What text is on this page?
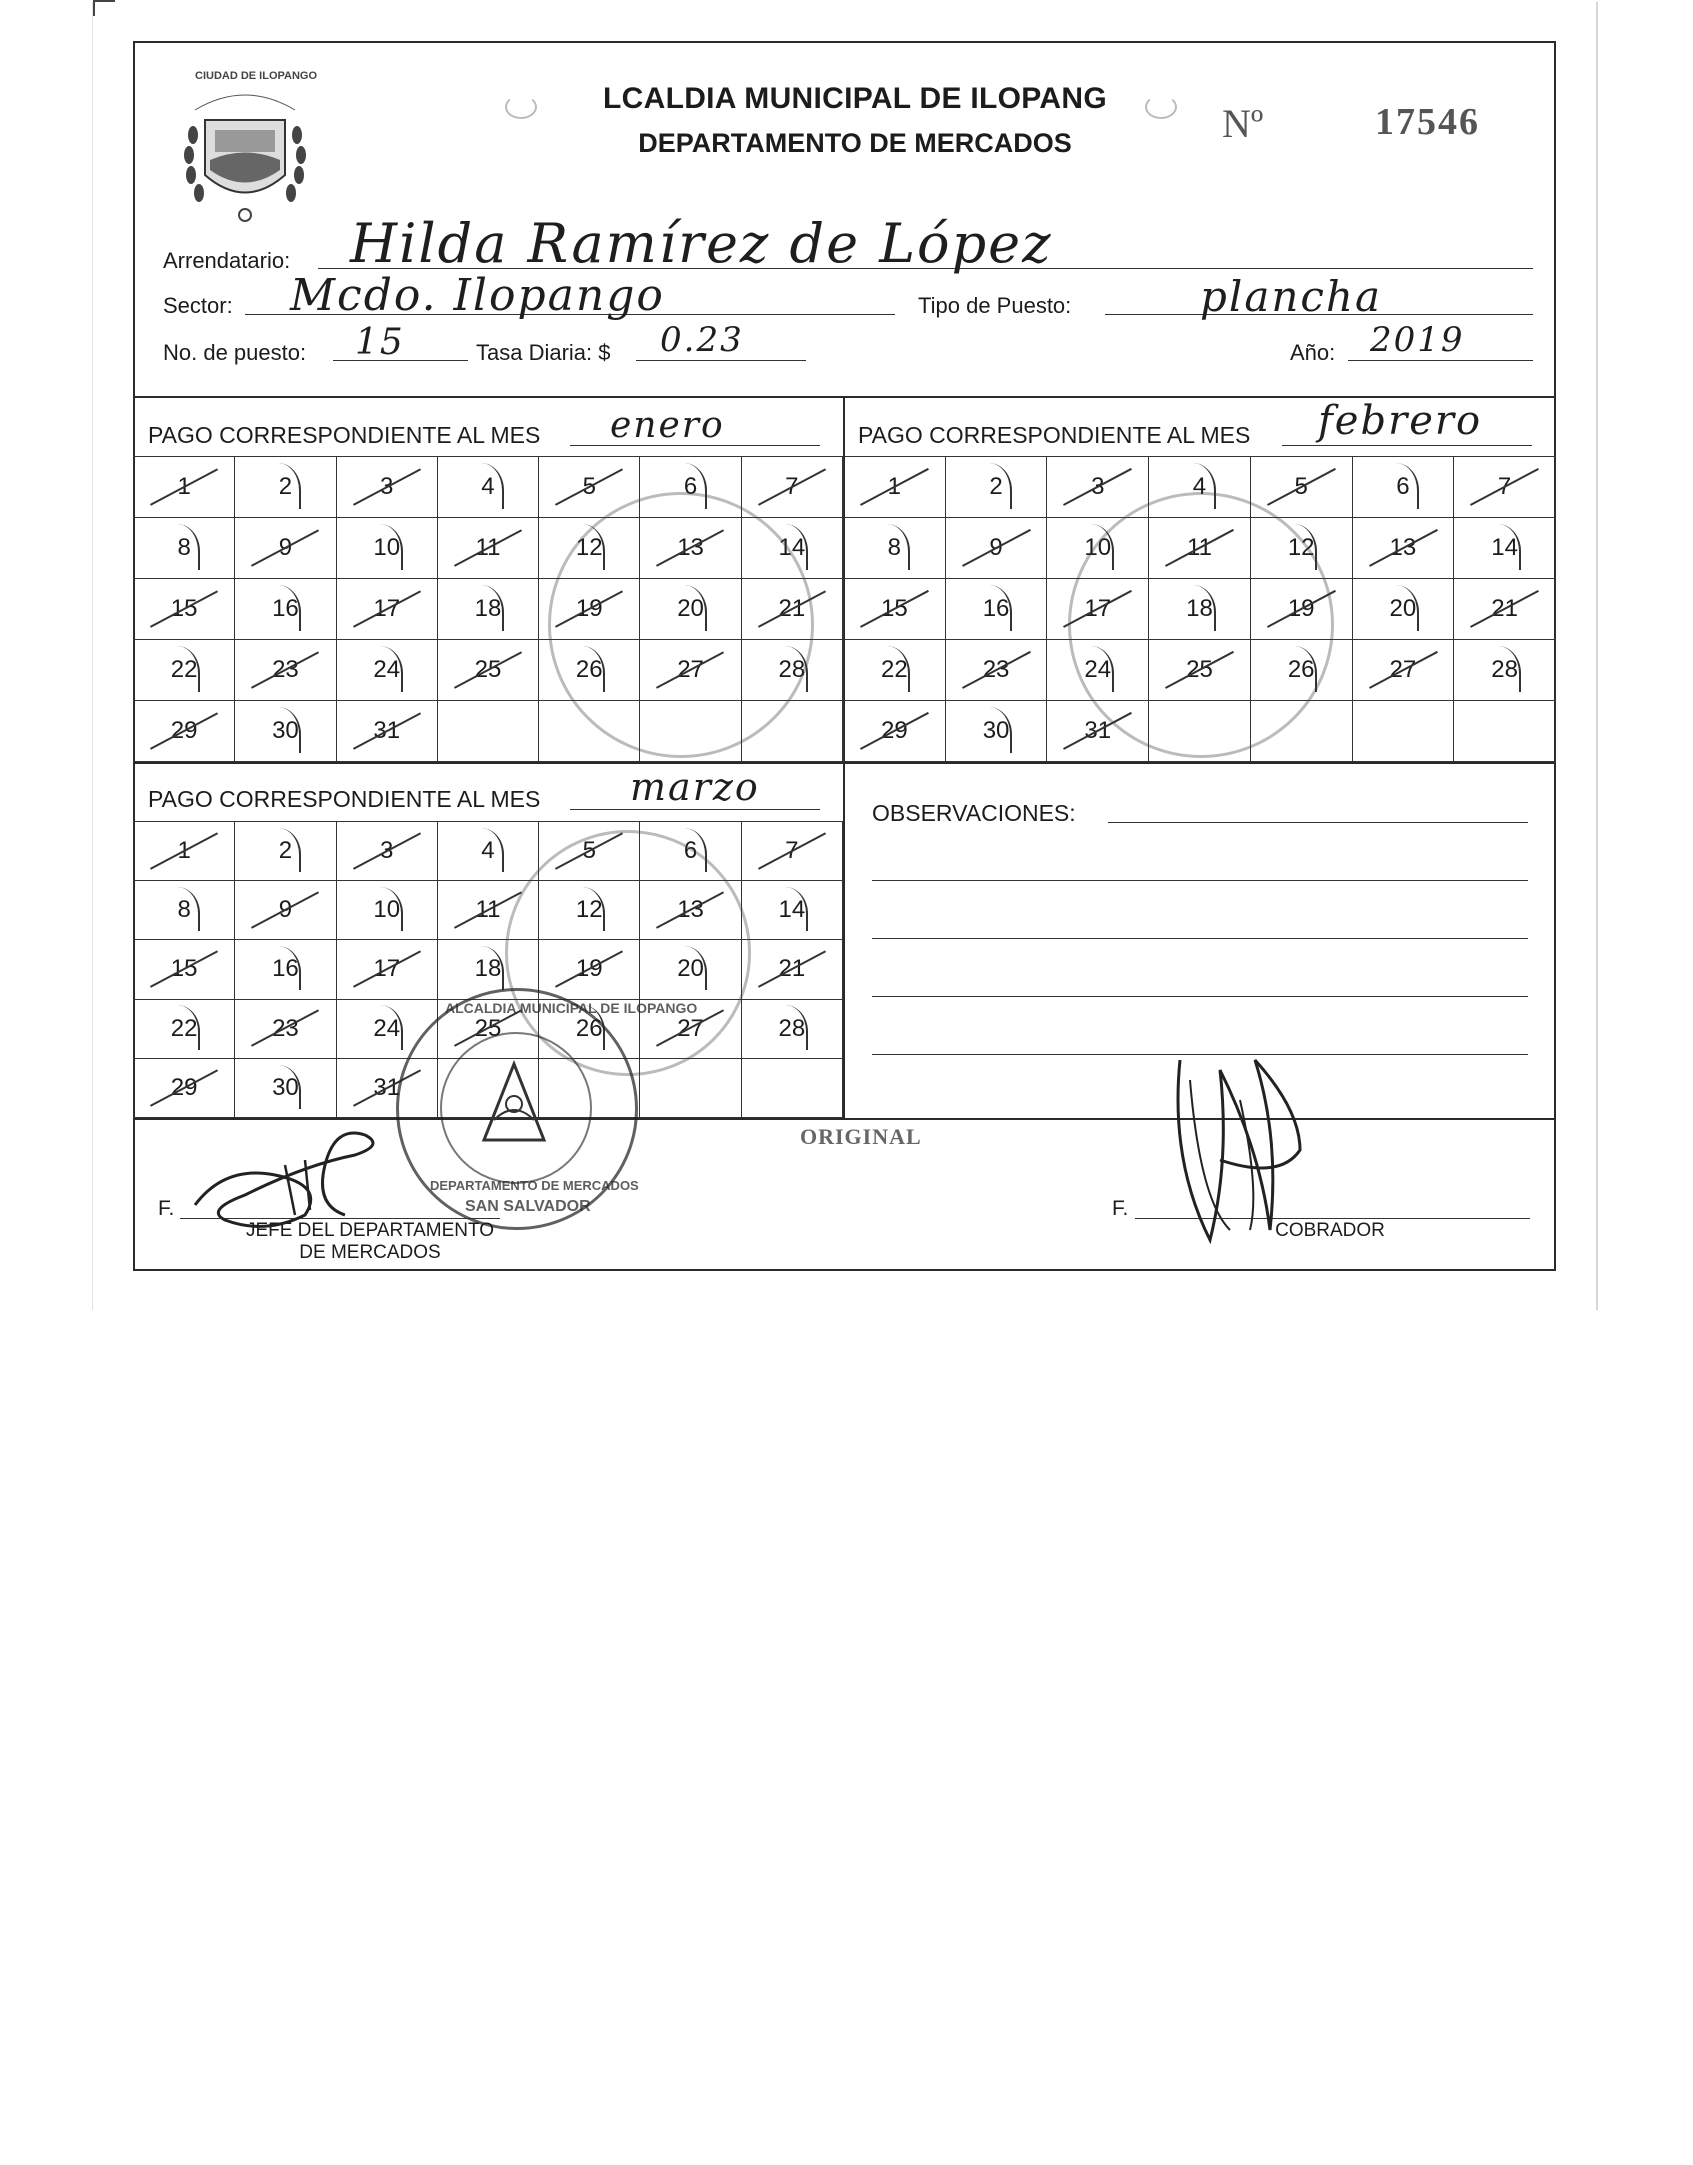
CIUDAD DE ILOPANGO
LCALDIA MUNICIPAL DE ILOPANG
DEPARTAMENTO DE MERCADOS	Nº	17546
Arrendatario: Hilda Ramírez de López
Sector: Mcdo. Ilopango	Tipo de Puesto:	plancha
No. de puesto: 15	Tasa Diaria: $ 0.23	Año: 2019
PAGO CORRESPONDIENTE AL MES enero
1	2	3	4	5	6	7

8	9	10	11	12	13	14

15	16	17	18	19	20	21

22	23	24	25	26	27	28

29	30	31

PAGO CORRESPONDIENTE AL MES febrero
1	2	3	4	5	6	7

8	9	10	11	12	13	14

15	16	17	18	19	20	21

22	23	24	25	26	27	28

29	30	31

PAGO CORRESPONDIENTE AL MES marzo
1	2	3	4	5	6	7

8	9	10	11	12	13	14

15	16	17	18	19	20	21

22	23	24	25	26	27	28

29	30	31

OBSERVACIONES:
ALCALDIA MUNICIPAL DE ILOPANGO
DEPARTAMENTO DE MERCADOS
SAN SALVADOR
ORIGINAL
F.
JEFE DEL DEPARTAMENTO
DE MERCADOS
F.
COBRADOR
